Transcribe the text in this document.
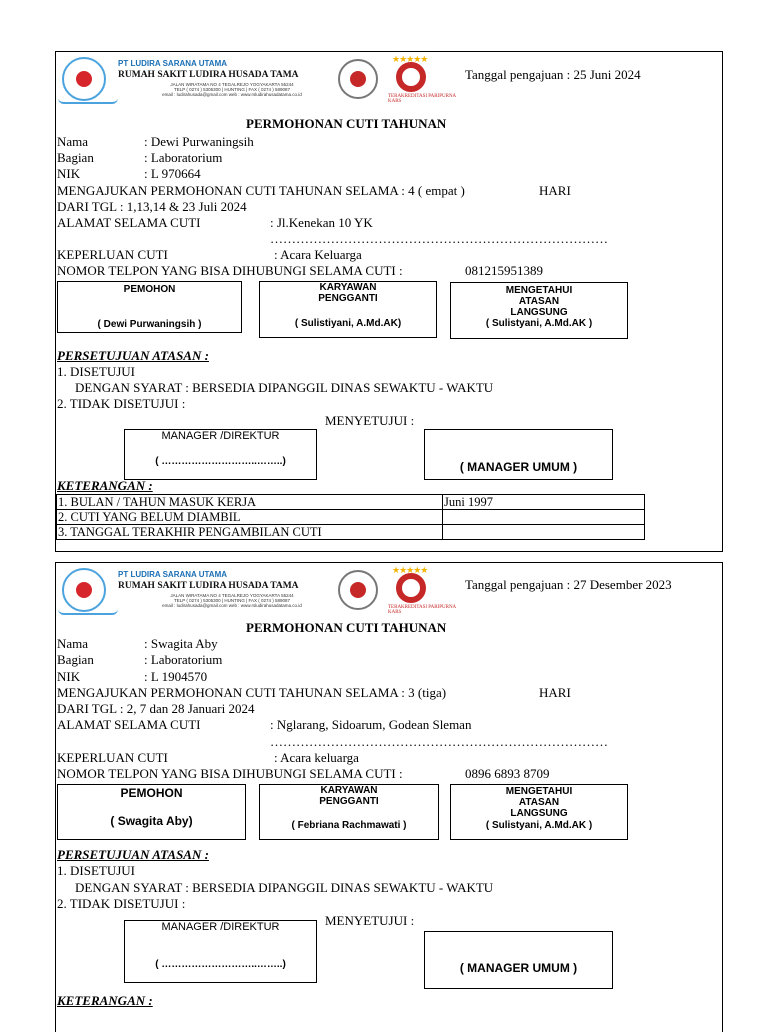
PT LUDIRA SARANA UTAMA
RUMAH SAKIT LUDIRA HUSADA TAMA
JALAN WIRATAMA NO 4 TEGALREJO YOGYAKARTA 55244
TELP ( 0274 ) 5305300 | HUNTING | FAX ( 0274 ) 589087
email : ludirahusada@gmail.com web : www.rsludirahusadatama.co.id
★★★★★
TERAKREDITASI PARIPURNA KARS
Tanggal pengajuan : 25 Juni 2024
PERMOHONAN CUTI TAHUNAN
Nama	: Dewi Purwaningsih
Bagian	: Laboratorium
NIK	: L 970664
MENGAJUKAN PERMOHONAN CUTI TAHUNAN SELAMA : 4 ( empat )	HARI
DARI TGL : 1,13,14 & 23 Juli 2024
ALAMAT SELAMA CUTI	: Jl.Kenekan 10 YK
……………………………………………………………………
KEPERLUAN CUTI	: Acara Keluarga
NOMOR TELPON YANG BISA DIHUBUNGI SELAMA CUTI :	081215951389
PEMOHON
( Dewi Purwaningsih )
KARYAWAN PENGGANTI
( Sulistiyani, A.Md.AK)
MENGETAHUI ATASAN LANGSUNG
( Sulistyani, A.Md.AK )
PERSETUJUAN ATASAN :
1. DISETUJUI
DENGAN SYARAT : BERSEDIA DIPANGGIL DINAS SEWAKTU - WAKTU
2. TIDAK DISETUJUI :
MENYETUJUI :
MANAGER /DIREKTUR
( ………………………..……..)	( MANAGER UMUM )
KETERANGAN :
1. BULAN / TAHUN MASUK KERJA	Juni 1997
2. CUTI YANG BELUM DIAMBIL	
3. TANGGAL TERAKHIR PENGAMBILAN CUTI	
PT LUDIRA SARANA UTAMA
RUMAH SAKIT LUDIRA HUSADA TAMA
JALAN WIRATAMA NO 4 TEGALREJO YOGYAKARTA 55244
TELP ( 0274 ) 5305300 | HUNTING | FAX ( 0274 ) 589087
email : ludirahusada@gmail.com web : www.rsludirahusadatama.co.id
★★★★★
TERAKREDITASI PARIPURNA KARS
Tanggal pengajuan : 27 Desember 2023
PERMOHONAN CUTI TAHUNAN
Nama	: Swagita Aby
Bagian	: Laboratorium
NIK	: L 1904570
MENGAJUKAN PERMOHONAN CUTI TAHUNAN SELAMA : 3 (tiga)	HARI
DARI TGL : 2, 7 dan 28 Januari 2024
ALAMAT SELAMA CUTI	: Nglarang, Sidoarum, Godean Sleman
……………………………………………………………………
KEPERLUAN CUTI	: Acara keluarga
NOMOR TELPON YANG BISA DIHUBUNGI SELAMA CUTI :	0896 6893 8709
PEMOHON
( Swagita Aby)
KARYAWAN PENGGANTI
( Febriana Rachmawati )
MENGETAHUI ATASAN LANGSUNG
( Sulistyani, A.Md.AK )
PERSETUJUAN ATASAN :
1. DISETUJUI
DENGAN SYARAT : BERSEDIA DIPANGGIL DINAS SEWAKTU - WAKTU
2. TIDAK DISETUJUI :
MENYETUJUI :
MANAGER /DIREKTUR
( ………………………..……..)	( MANAGER UMUM )
KETERANGAN :
